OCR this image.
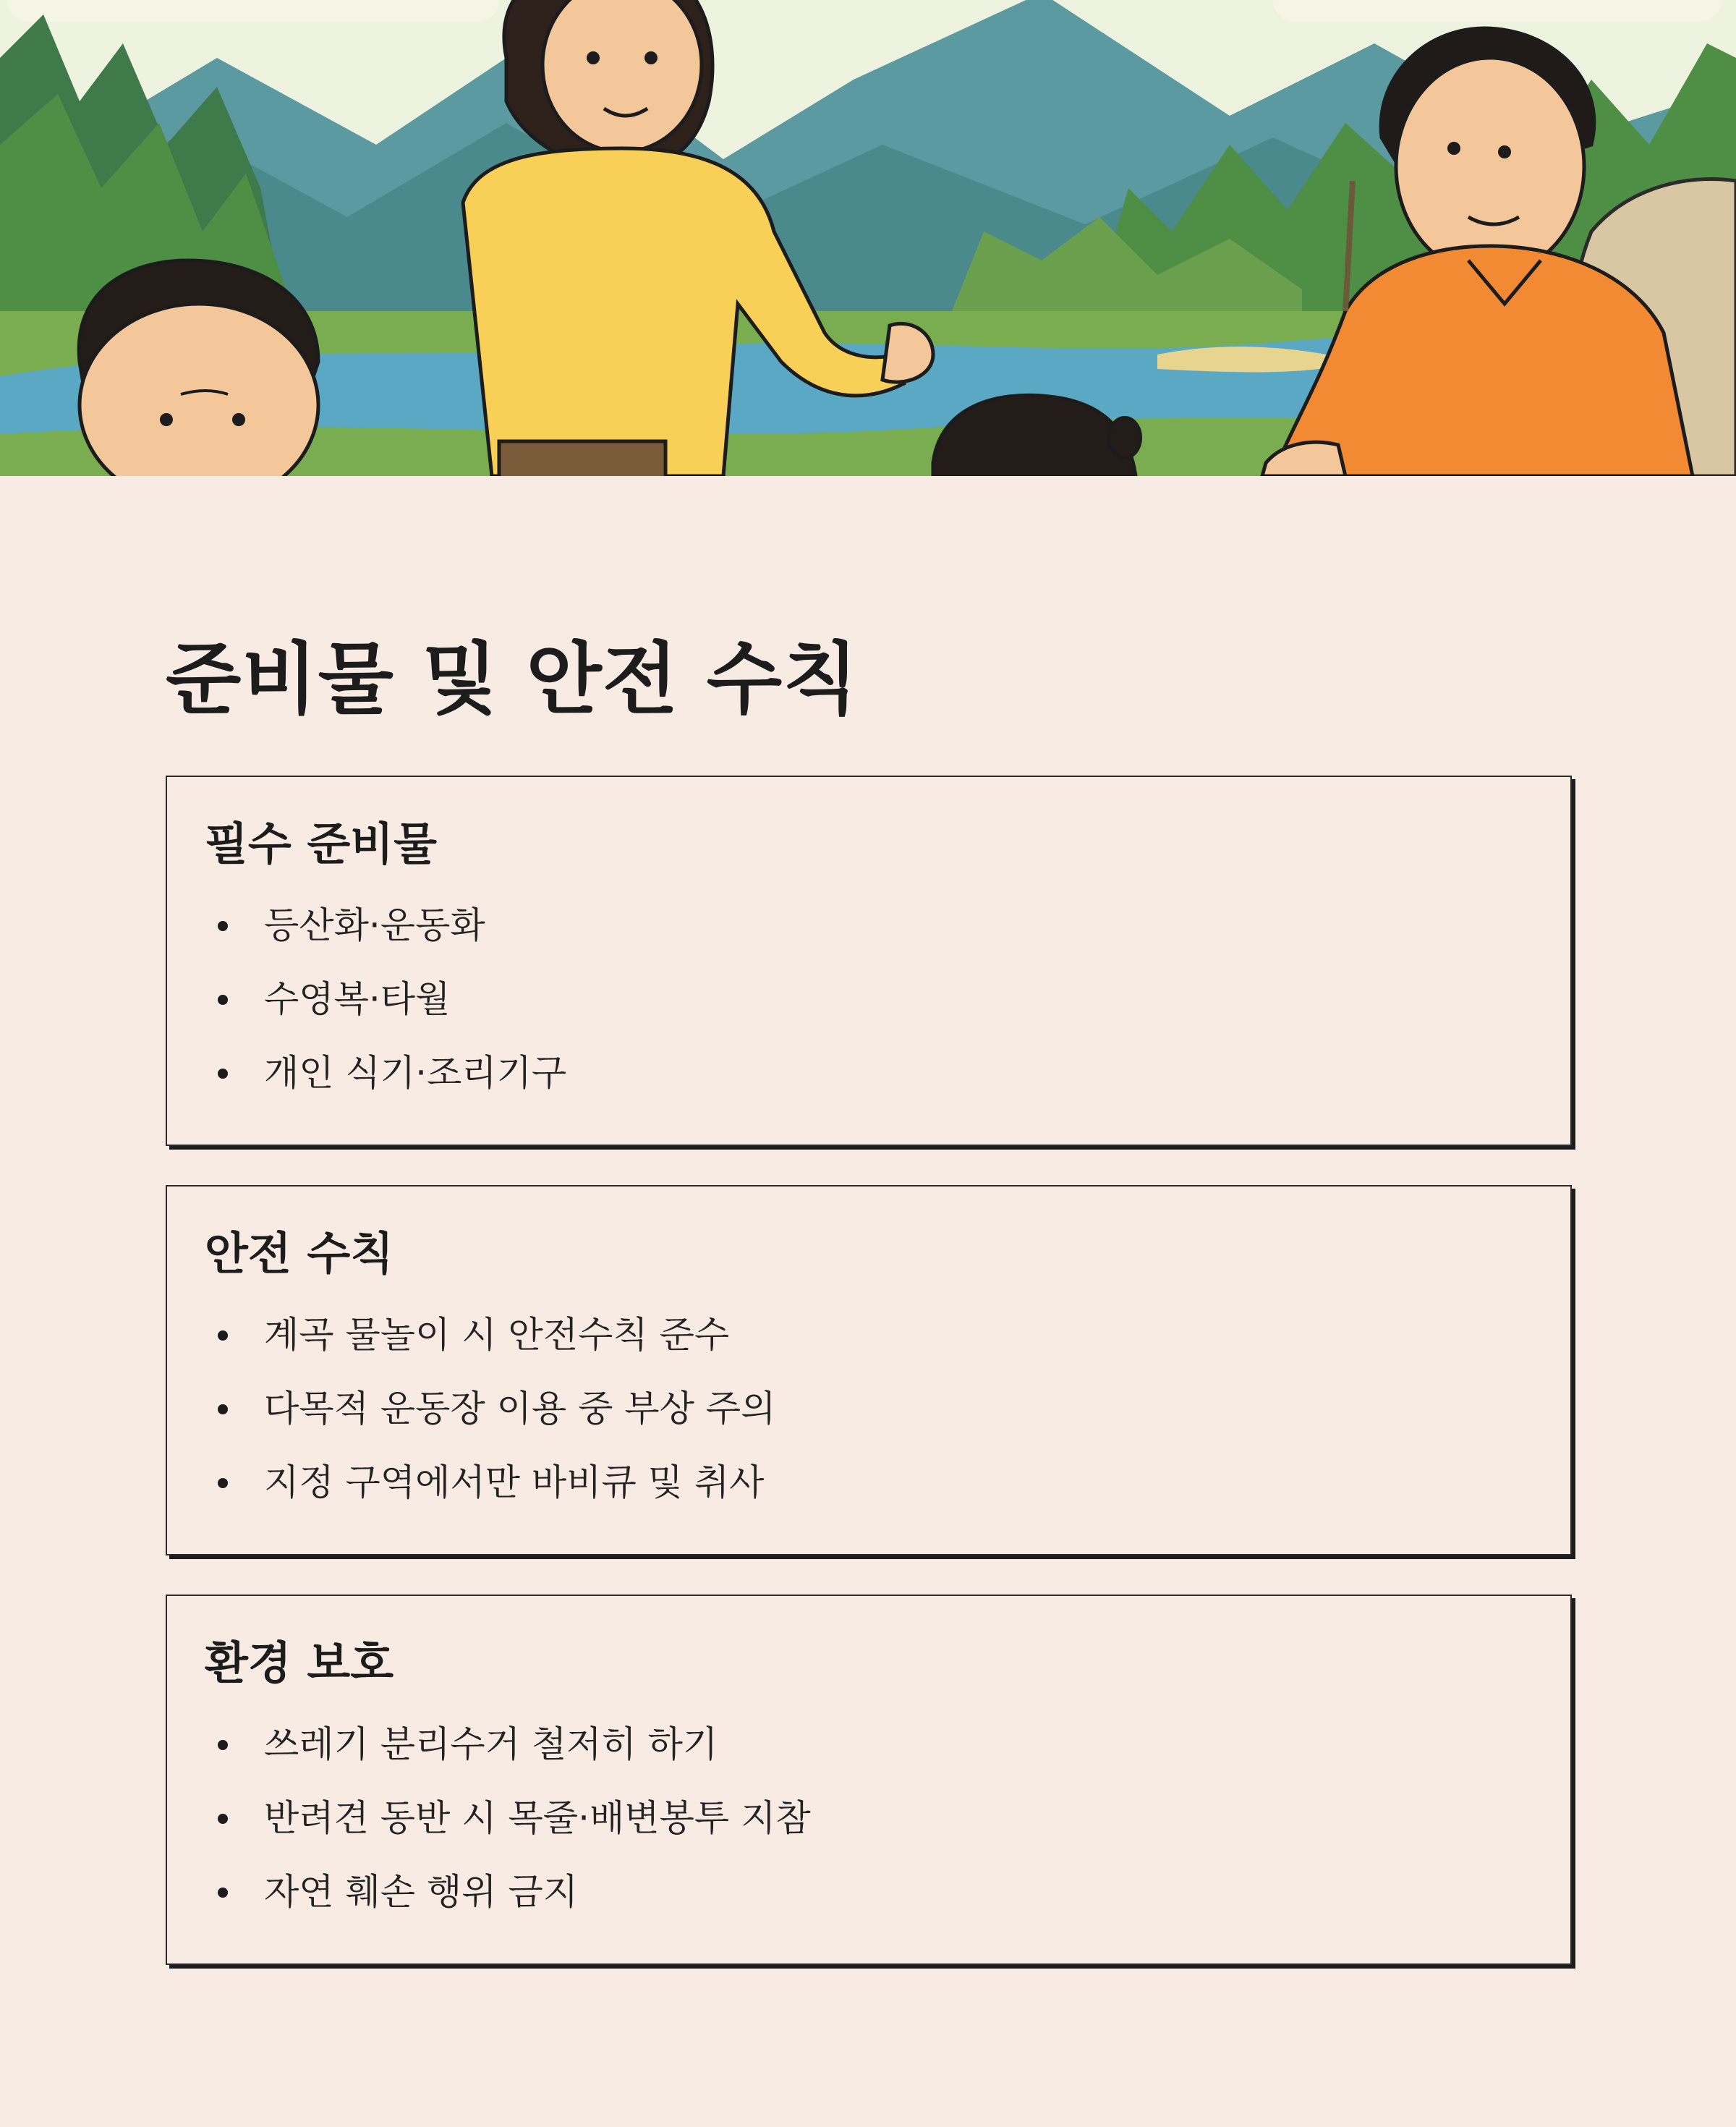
준비물 및 안전 수칙
필수 준비물
등산화·운동화
수영복·타월
개인 식기·조리기구
안전 수칙
계곡 물놀이 시 안전수칙 준수
다목적 운동장 이용 중 부상 주의
지정 구역에서만 바비큐 및 취사
환경 보호
쓰레기 분리수거 철저히 하기
반려견 동반 시 목줄·배변봉투 지참
자연 훼손 행위 금지
